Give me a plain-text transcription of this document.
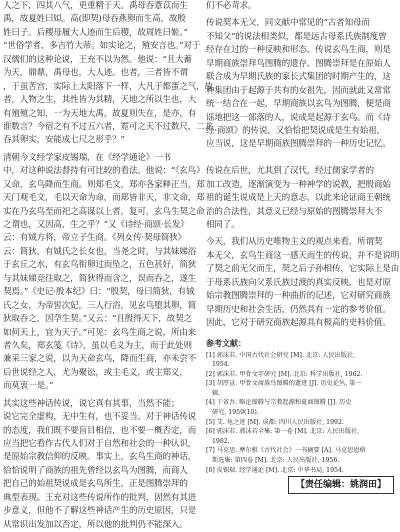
人之下，四其八气，更重精于天。禹母吞薏苡而生
禹，故夏姓曰姒。高(即契)母吞燕卵而生高，故殷
姓曰子。后稷母履大人迹而生后稷，故周姓曰姬。”
“世俗学者，多吉竹大蒂。如实论之，殖安言也。”对于
汉儒们的这种论说，王充不以为然。他说：“且大蓄
为天，鼎鼎，禹母也，大人迹。也者，三者皆不谓
，于虽苦宫，实际上太阳落下一样，大凡于都蛋之气，故
者，人物之生，其性皆为其精，天地之所以生也，大
有殖殖之知，一为天地大禹，故夏则失在，是亦，有
谁数言？今宿之有不过五六者，霓可之天不过数尺，二龙
吞其卵实，安能成七尺之形乎？”
清朝今文经学家皮锡瑞，在《经学通论》一书
中，对这种说法督持有可比较的看法。他说：“《玄鸟》
又命，玄鸟降而生商。则郑毛文，郑亦各家释正当，郑
天门观毛文，毛以天命为命，而郑皆非天，非文命，郑
实在乃玄鸟至而祀之高谋以上者，复可，玄鸟生契之命
之谓也，又因高，生之乎？”又《诗经·商颂·长发》
云：有娀方将，帝立子生商。《列女传·契母简狄》
云：简狄，有娀氏之长女也，当尧之时，与其妹娣浴
于玄丘之水，有玄鸟衔卵过而坠之，五色甚好，简狄
与其妹娣竞往取之，简狄得而含之，误而吞之，遂生
契焉。”《史记·殷本纪》曰：“殷契，母曰简狄，有娀
氏之女，为帝喾次妃。三人行浴，见玄鸟堕其卵，简
狄取吞之，因孕生契。”又云：“且殷得天下，故契之
如何天上，宜为天子。”可见：玄鸟生商之说，所由来
者久矣，郑玄笺《诗》，虽以毛义为主，而于此处则
兼采三家之说，以为天命玄鸟，降而生商，亦未尝不
后世说经之人，尤为聚讼，或主毛义，或主郑义，
而莫衷一是。”
其实这些神话传说，说它真有其事，当然不能；
说它完全虚构，无中生有，也不妥当。对于神话传说
的态度，我们既不要盲目相信，也不要一概否定，而
应当把它看作古代人们对于自然和社会的一种认识，
是原始宗教信仰的反映。事实上，玄鸟生商的神话，
恰恰说明了商族的祖先曾经以玄鸟为图腾，而商人
把自己的始祖契说成是玄鸟所生，正是图腾崇拜的
典型表现。王充对这些传说所作的批判，固然有其进
步意义，但他不了解这些神话产生的历史原因，只是
从常识出发加以否定，所以他的批判仍不能深入。
们不必苛求。
传说契本无父，同文献中常见的“古者知母而
不知父”的说法相类似，都是远古母系氏族制度曾
经存在过的一种反映和形态。传说玄鸟生商，则是
早期商族崇拜鸟图腾的遗存。图腾崇拜是在原始人
联合成为早期氏族的家长式集团的时期产生的，这
种集团由于起源于共有的女祖先，因而就此又常常
统一结合在一起，早期商族以玄鸟为图腾，便是商
谣地把这一部落的人，说成是起源于玄鸟。而《诗
经·商颂》的传说，又恰恰把契说成是生有始祖，
应当说，这是早期商族图腾崇拜的一种历史记忆。
传说在后世，尤其到了汉代，经过儒家学者的
加工改造，逐渐演变为一种神学的说教，把殷商始
祖的诞生说成是上天的意志，以此来论证商王朝统
治的合法性，其意义已经与原始的图腾崇拜大不
相同了。
今天，我们从历史唯物主义的观点来看，所谓契
本无父，玄鸟生商这一感天而生的传说，并不是说明
了契之前无父而生，契之后子孙相传，它实际上是由
于母系氏族向父系氏族过渡的真实反映，也是对原
始宗教图腾崇拜的一种曲折的记述，它对研究商族
早期历史和社会生活，仍然具有一定的参考价值。
因此，它对于研究商族起源具有极高的史料价值。
参考文献：
[1] 郭沫若. 中国古代社会研究 [M]. 北京: 人民出版社,
1954.
[2] 郭沫若. 甲骨文字研究 [M]. 北京: 科学出版社, 1962.
[3] 胡厚宣. 甲骨文商族鸟图腾的遗迹 [J]. 历史论丛, 第一
辑.
[4] 于省吾. 略论图腾与宗教起源和夏商图腾 [J]. 历史
研究, 1959(10).
[5] 艾. 龟之迹 [M]. 成都: 四川人民出版社, 1992.
[6] 郭沫若. 郭沫若全集: 第一卷 [M]. 北京: 人民出版社,
1982.
[7] 马克思. 摩尔根《古代社会》一书摘要 [A]. 马克思恩格
斯选集: 第四卷 [M]. 北京: 人民出版社, 1956.
[8] 皮锡瑞. 经学通论 [M]. 北京: 中华书局, 1954.
【责任编辑：姚润田】
